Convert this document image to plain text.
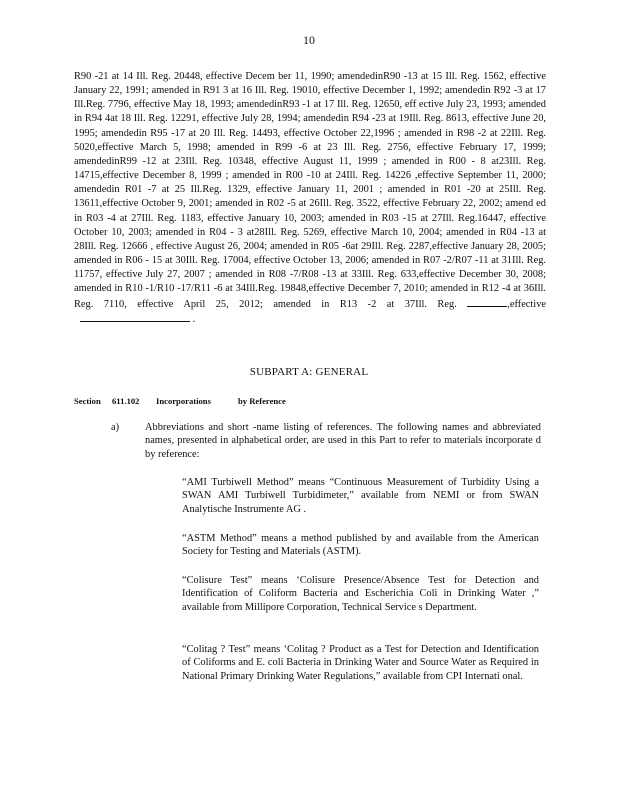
10

R90 -21 at 14 Ill. Reg. 20448, effective Decem ber 11, 1990; amendedinR90 -13 at 15 Ill. Reg. 1562, effective January 22, 1991; amended in R91 3 at 16 Ill. Reg. 19010, effective December 1, 1992; amendedin R92 -3 at 17 Ill.Reg. 7796, effective May 18, 1993; amendedinR93 -1 at 17 Ill. Reg. 12650, eff ective July 23, 1993; amended in R94 4at 18 Ill. Reg. 12291, effective July 28, 1994; amendedin R94 -23 at 19Ill. Reg. 8613, effective June 20, 1995; amendedin R95 -17 at 20 Ill. Reg. 14493, effective October 22,1996 ; amended in R98 -2 at 22Ill. Reg. 5020,effective March 5, 1998; amended in R99 -6 at 23 Ill. Reg. 2756, effective February 17, 1999; amendedinR99 -12 at 23Ill. Reg. 10348, effective August 11, 1999 ; amended in R00 - 8 at23Ill. Reg. 14715,effective December 8, 1999 ; amended in R00 -10 at 24Ill. Reg. 14226 ,effective September 11, 2000; amendedin R01 -7 at 25 Ill.Reg. 1329, effective January 11, 2001 ; amended in R01 -20 at 25Ill. Reg. 13611,effective October 9, 2001; amended in R02 -5 at 26Ill. Reg. 3522, effective February 22, 2002; amend ed in R03 -4 at 27Ill. Reg. 1183, effective January 10, 2003; amended in R03 -15 at 27Ill. Reg.16447, effective October 10, 2003; amended in R04 - 3 at28Ill. Reg. 5269, effective March 10, 2004; amended in R04 -13 at 28Ill. Reg. 12666 , effective August 26, 2004; amended in R05 -6at 29Ill. Reg. 2287,effective January 28, 2005; amended in R06 - 15 at 30Ill. Reg. 17004, effective October 13, 2006; amended in R07 -2/R07 -11 at 31Ill. Reg. 11757, effective July 27, 2007 ; amended in R08 -7/R08 -13 at 33Ill. Reg. 633,effective December 30, 2008; amended in R10 -1/R10 -17/R11 -6 at 34Ill.Reg. 19848,effective December 7, 2010; amended in R12 -4 at 36Ill. Reg. 7110, effective April 25, 2012; amended in R13 -2 at 37Ill. Reg.	,effective .

SUBPART A: GENERAL
Section 611.102 Incorporations	by Reference
a) Abbreviations and short -name listing of references. The following names and abbreviated names, presented in alphabetical order, are used in this Part to refer to materials incorporate d by reference:

“AMI Turbiwell Method” means “Continuous Measurement of Turbidity Using a SWAN AMI Turbiwell Turbidimeter,” available from NEMI or from SWAN Analytische Instrumente AG .

“ASTM Method” means a method published by and available from the American Society for Testing and Materials (ASTM).

“Colisure Test” means ‘Colisure Presence/Absence Test for Detection and Identification of Coliform Bacteria and Escherichia Coli in Drinking Water ,” available from Millipore Corporation, Technical Service s Department.

“Colitag ? Test” means ‘Colitag ? Product as a Test for Detection and Identification of Coliforms and E. coli Bacteria in Drinking Water and Source Water as Required in National Primary Drinking Water Regulations,” available from CPI Internati onal.
